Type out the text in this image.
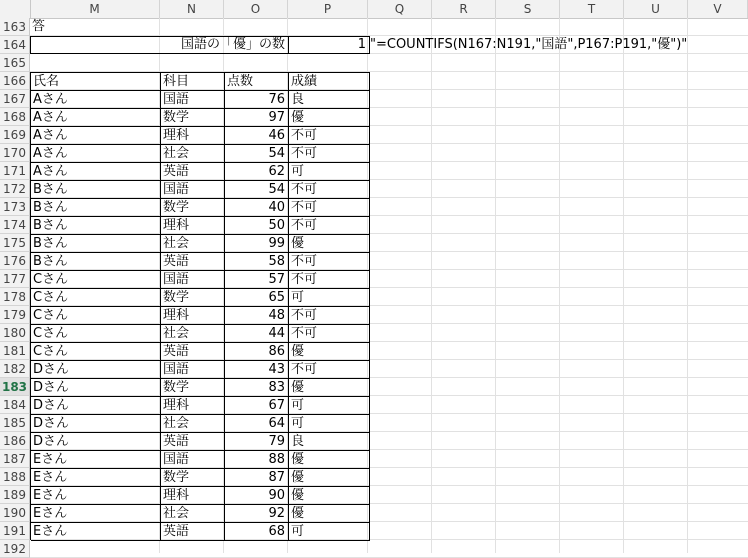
M	N	O	P	Q	R	S	T	U	V
163
164
165
166
167
168
169
170
171
172
173
174
175
176
177
178
179
180
181
182
183
184
185
186
187
188
189
190
191
192
答
国語の「優」の数	1 "=COUNTIFS(N167:N191,"国語",P167:P191,"優")"
氏名	科目	点数	成績
Aさん	国語	76 良
Aさん	数学	97 優
Aさん	理科	46 不可
Aさん	社会	54 不可
Aさん	英語	62 可
Bさん	国語	54 不可
Bさん	数学	40 不可
Bさん	理科	50 不可
Bさん	社会	99 優
Bさん	英語	58 不可
Cさん	国語	57 不可
Cさん	数学	65 可
Cさん	理科	48 不可
Cさん	社会	44 不可
Cさん	英語	86 優
Dさん	国語	43 不可
Dさん	数学	83 優
Dさん	理科	67 可
Dさん	社会	64 可
Dさん	英語	79 良
Eさん	国語	88 優
Eさん	数学	87 優
Eさん	理科	90 優
Eさん	社会	92 優
Eさん	英語	68 可
